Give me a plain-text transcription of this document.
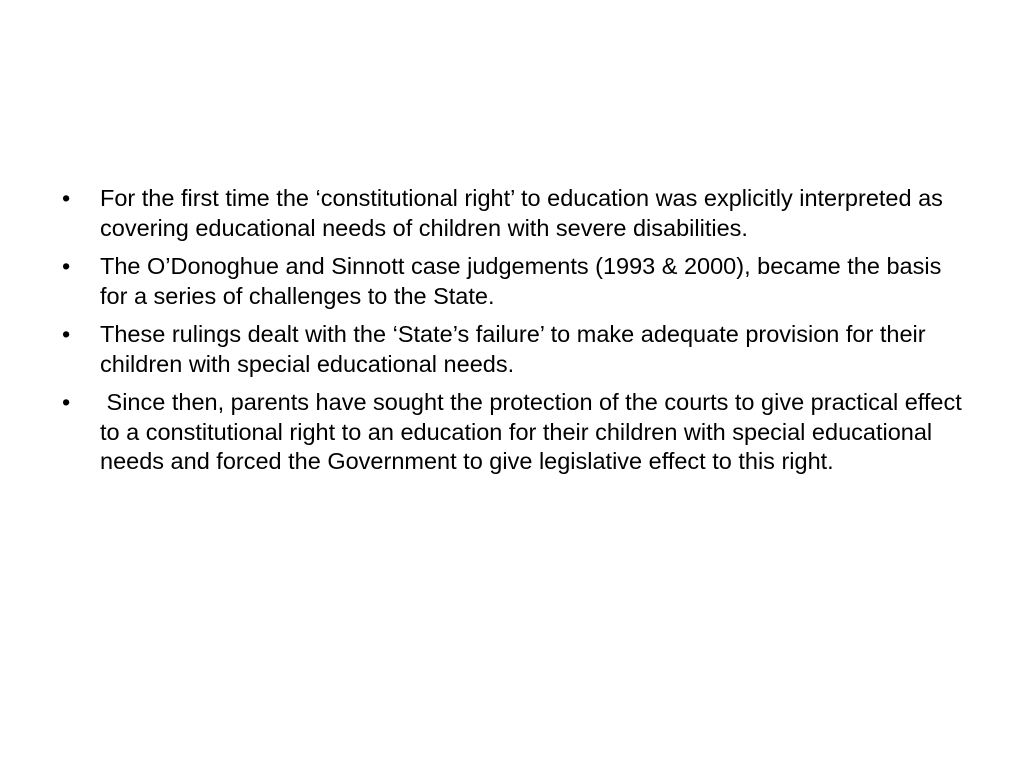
•	For the first time the ‘constitutional right’ to education was explicitly interpreted as covering educational needs of children with severe disabilities.
•	The O’Donoghue and Sinnott case judgements (1993 & 2000), became the basis for a series of challenges to the State.
•	These rulings dealt with the ‘State’s failure’ to make adequate provision for their children with special educational needs.
•	Since then, parents have sought the protection of the courts to give practical effect to a constitutional right to an education for their children with special educational needs and forced the Government to give legislative effect to this right.
